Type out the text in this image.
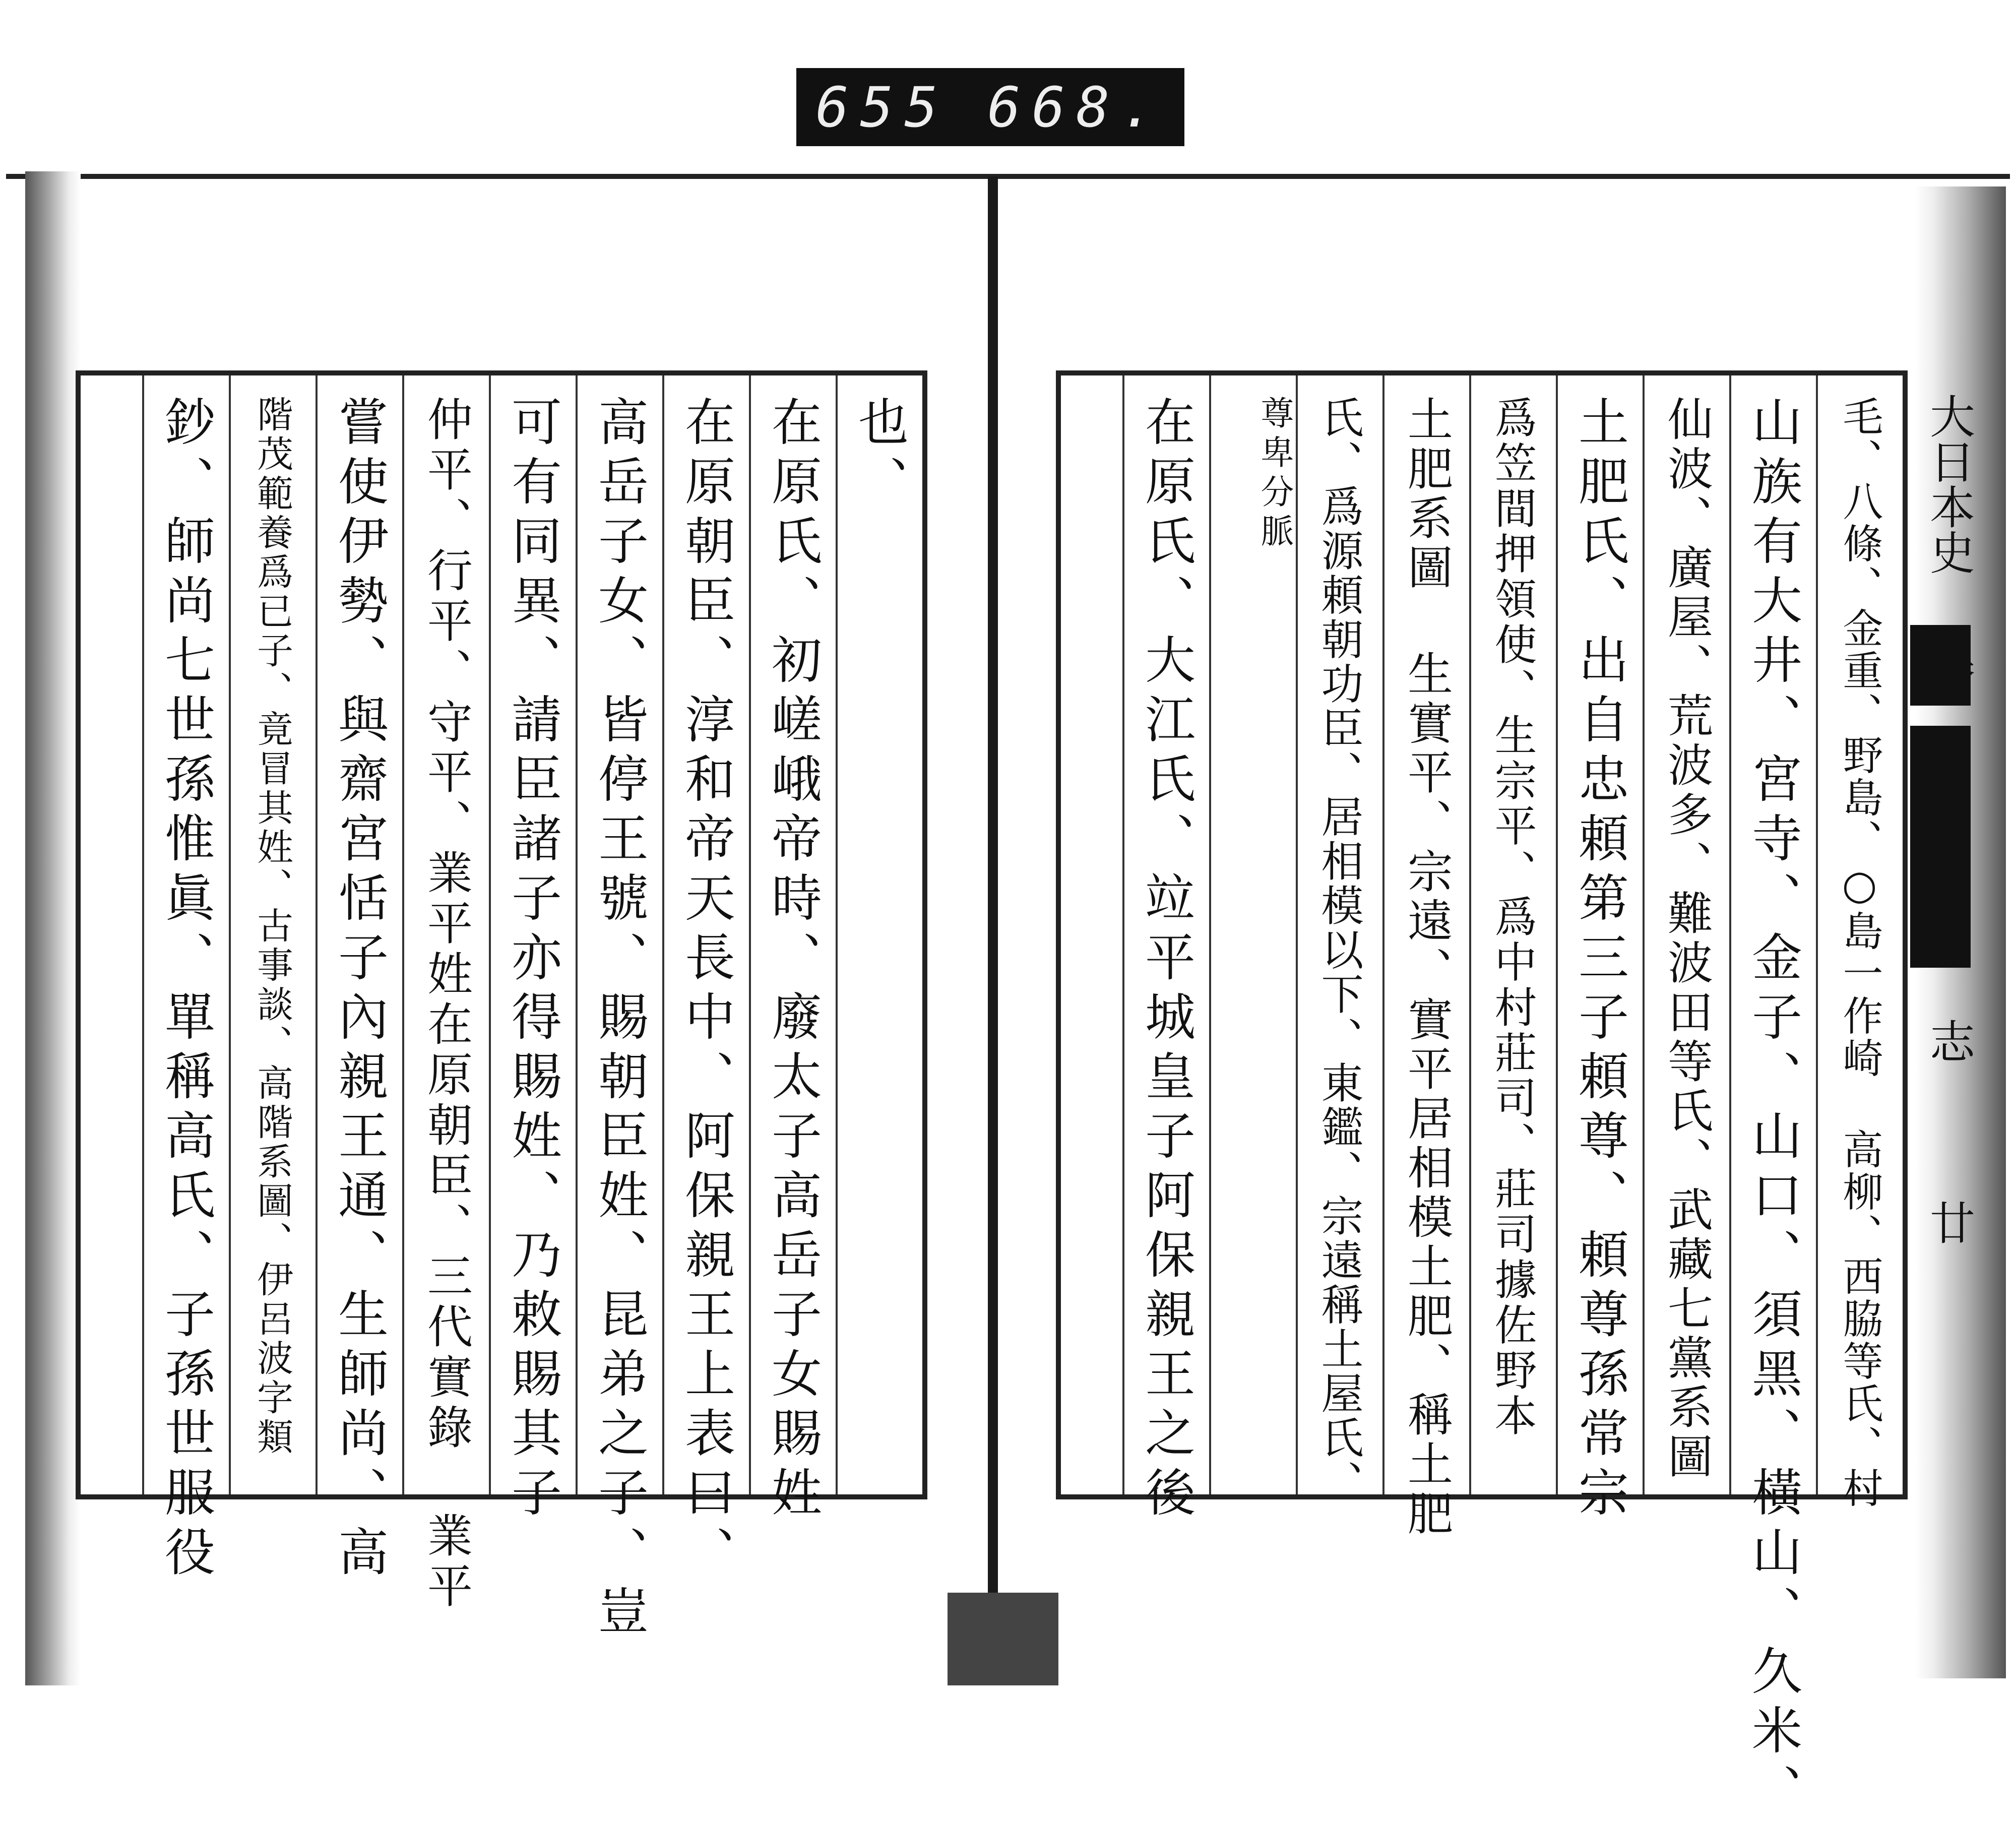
655 668.
也、
在原氏、初嵯峨帝時、廢太子高岳子女賜姓
在原朝臣、淳和帝天長中、阿保親王上表曰、
高岳子女、皆停王號、賜朝臣姓、昆弟之子、豈
可有同異、請臣諸子亦得賜姓、乃敕賜其子
仲平、行平、守平、業平姓在原朝臣、三代實錄 業平
嘗使伊勢、與齋宮恬子內親王通、生師尚、高
階茂範養爲已子、竟冒其姓、古事談、高階系圖、伊呂波字類
鈔、師尚七世孫惟眞、單稱高氏、子孫世服役	大日本史
卷
志
廿
毛、八條、金重、野島、○島一作崎 高柳、西脇等氏、村
山族有大井、宮寺、金子、山口、須黑、橫山、久米、
仙波、廣屋、荒波多、難波田等氏、武藏七黨系圖
土肥氏、出自忠頼第三子頼尊、頼尊孫常宗
爲笠間押領使、生宗平、爲中村莊司、莊司據佐野本
土肥系圖 生實平、宗遠、實平居相模土肥、稱土肥
氏、爲源頼朝功臣、居相模以下、東鑑、宗遠稱土屋氏、
尊卑分脈
在原氏、大江氏、竝平城皇子阿保親王之後
